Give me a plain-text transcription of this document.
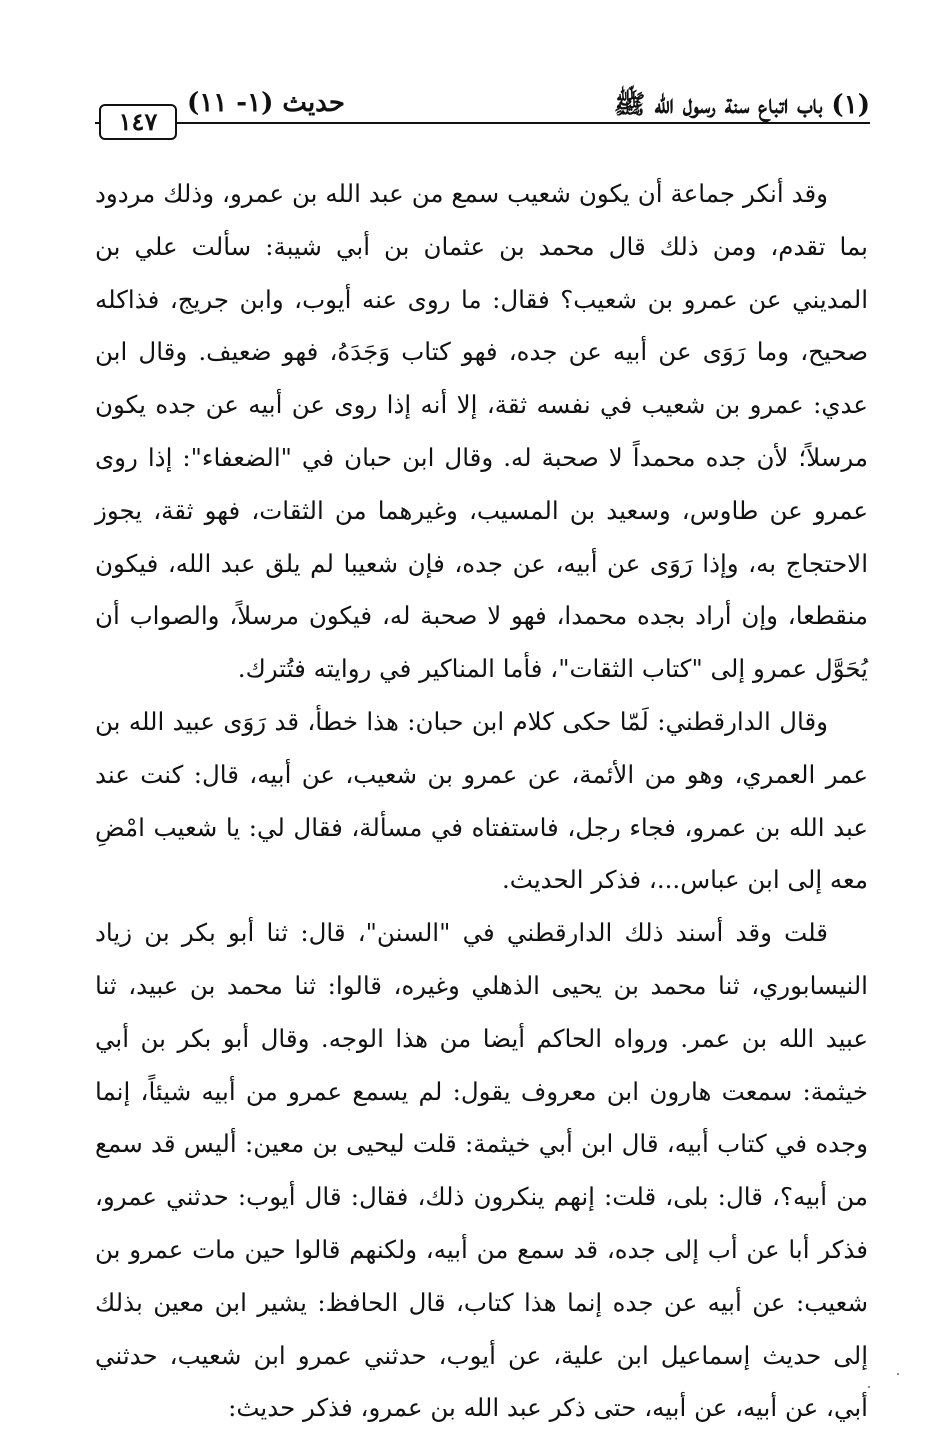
(١) باب اتباع سنة رسول الله ﷺ
حديث (١- ١١)
١٤٧

وقد أنكر جماعة أن يكون شعيب سمع من عبد الله بن عمرو، وذلك مردود بما تقدم، ومن ذلك قال محمد بن عثمان بن أبي شيبة: سألت علي بن المديني عن عمرو بن شعيب؟ فقال: ما روى عنه أيوب، وابن جريج، فذاكله صحيح، وما رَوَى عن أبيه عن جده، فهو كتاب وَجَدَهُ، فهو ضعيف. وقال ابن عدي: عمرو بن شعيب في نفسه ثقة، إلا أنه إذا روى عن أبيه عن جده يكون مرسلاً؛ لأن جده محمداً لا صحبة له. وقال ابن حبان في "الضعفاء": إذا روى عمرو عن طاوس، وسعيد بن المسيب، وغيرهما من الثقات، فهو ثقة، يجوز الاحتجاج به، وإذا رَوَى عن أبيه، عن جده، فإن شعيبا لم يلق عبد الله، فيكون منقطعا، وإن أراد بجده محمدا، فهو لا صحبة له، فيكون مرسلاً، والصواب أن يُحَوَّل عمرو إلى "كتاب الثقات"، فأما المناكير في روايته فتُترك.

وقال الدارقطني: لَمّا حكى كلام ابن حبان: هذا خطأ، قد رَوَى عبيد الله بن عمر العمري، وهو من الأئمة، عن عمرو بن شعيب، عن أبيه، قال: كنت عند عبد الله بن عمرو، فجاء رجل، فاستفتاه في مسألة، فقال لي: يا شعيب امْضِ معه إلى ابن عباس...، فذكر الحديث.

قلت وقد أسند ذلك الدارقطني في "السنن"، قال: ثنا أبو بكر بن زياد النيسابوري، ثنا محمد بن يحيى الذهلي وغيره، قالوا: ثنا محمد بن عبيد، ثنا عبيد الله بن عمر. ورواه الحاكم أيضا من هذا الوجه. وقال أبو بكر بن أبي خيثمة: سمعت هارون ابن معروف يقول: لم يسمع عمرو من أبيه شيئاً، إنما وجده في كتاب أبيه، قال ابن أبي خيثمة: قلت ليحيى بن معين: أليس قد سمع من أبيه؟، قال: بلى، قلت: إنهم ينكرون ذلك، فقال: قال أيوب: حدثني عمرو، فذكر أبا عن أب إلى جده، قد سمع من أبيه، ولكنهم قالوا حين مات عمرو بن شعيب: عن أبيه عن جده إنما هذا كتاب، قال الحافظ: يشير ابن معين بذلك إلى حديث إسماعيل ابن علية، عن أيوب، حدثني عمرو ابن شعيب، حدثني أبي، عن أبيه، عن أبيه، حتى ذكر عبد الله بن عمرو، فذكر حديث:
